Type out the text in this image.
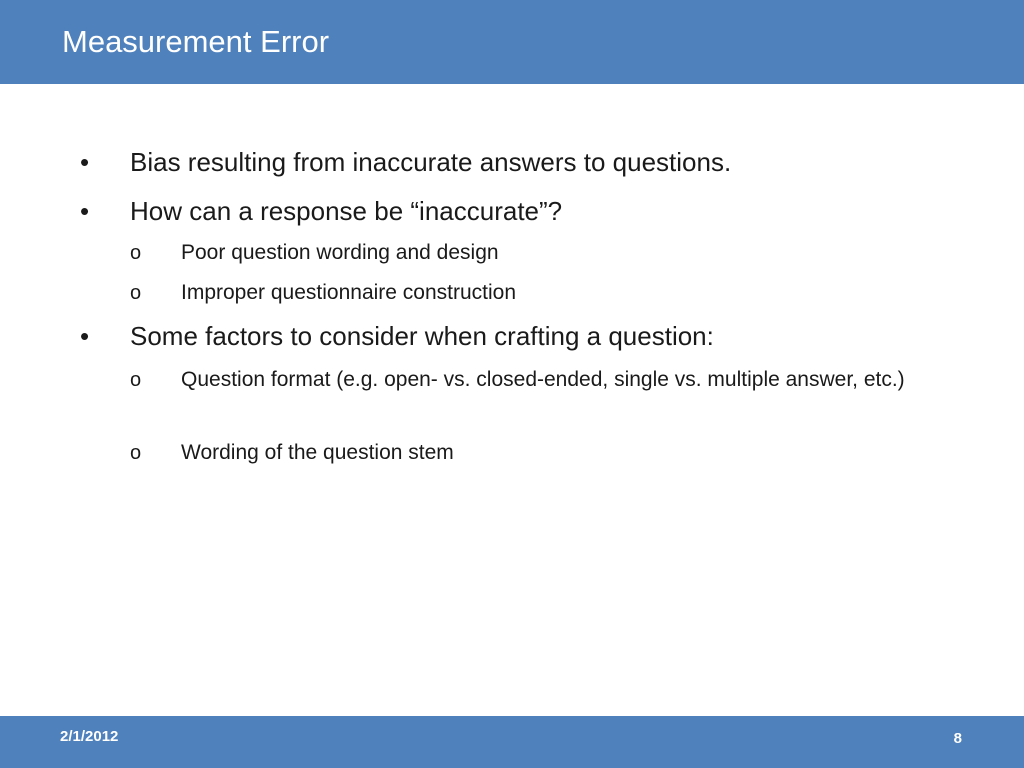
Measurement Error
• Bias resulting from inaccurate answers to questions.
• How can a response be “inaccurate”?
o Poor question wording and design
o Improper questionnaire construction
• Some factors to consider when crafting a question:
o Question format (e.g. open- vs. closed-ended, single vs. multiple answer, etc.)
o Wording of the question stem
2/1/2012	8
